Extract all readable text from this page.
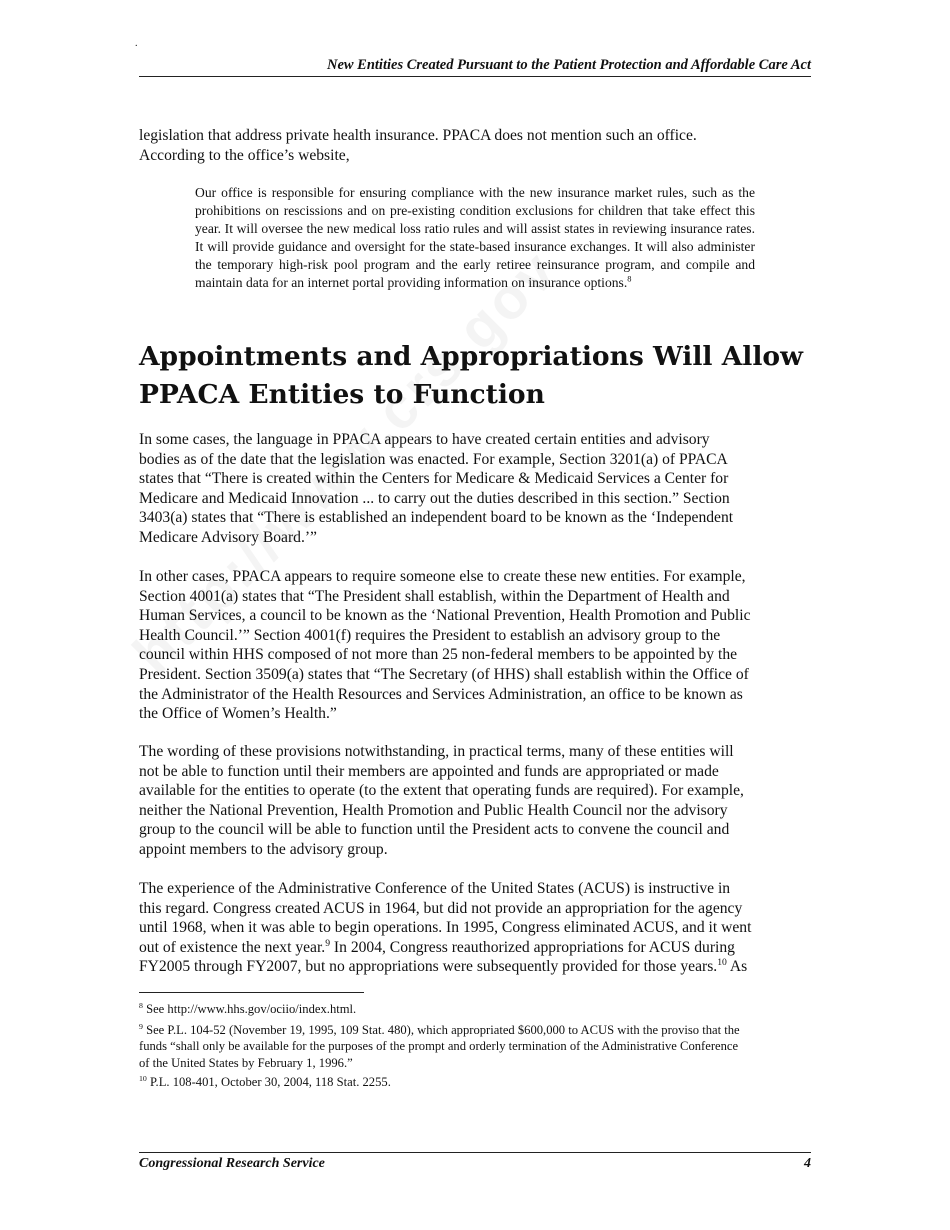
.
New Entities Created Pursuant to the Patient Protection and Affordable Care Act

legislation that address private health insurance. PPACA does not mention such an office.
According to the office’s website,

Our office is responsible for ensuring compliance with the new insurance market rules, such as the prohibitions on rescissions and on pre-existing condition exclusions for children that take effect this year. It will oversee the new medical loss ratio rules and will assist states in reviewing insurance rates. It will provide guidance and oversight for the state-based insurance exchanges. It will also administer the temporary high-risk pool program and the early retiree reinsurance program, and compile and maintain data for an internet portal providing information on insurance options.$^8$

Appointments and Appropriations Will Allow
PPACA Entities to Function

In some cases, the language in PPACA appears to have created certain entities and advisory
bodies as of the date that the legislation was enacted. For example, Section 3201(a) of PPACA
states that “There is created within the Centers for Medicare & Medicaid Services a Center for
Medicare and Medicaid Innovation ... to carry out the duties described in this section.” Section
3403(a) states that “There is established an independent board to be known as the ‘Independent
Medicare Advisory Board.’”

In other cases, PPACA appears to require someone else to create these new entities. For example,
Section 4001(a) states that “The President shall establish, within the Department of Health and
Human Services, a council to be known as the ‘National Prevention, Health Promotion and Public
Health Council.’” Section 4001(f) requires the President to establish an advisory group to the
council within HHS composed of not more than 25 non-federal members to be appointed by the
President. Section 3509(a) states that “The Secretary (of HHS) shall establish within the Office of
the Administrator of the Health Resources and Services Administration, an office to be known as
the Office of Women’s Health.”

The wording of these provisions notwithstanding, in practical terms, many of these entities will
not be able to function until their members are appointed and funds are appropriated or made
available for the entities to operate (to the extent that operating funds are required). For example,
neither the National Prevention, Health Promotion and Public Health Council nor the advisory
group to the council will be able to function until the President acts to convene the council and
appoint members to the advisory group.

The experience of the Administrative Conference of the United States (ACUS) is instructive in
this regard. Congress created ACUS in 1964, but did not provide an appropriation for the agency
until 1968, when it was able to begin operations. In 1995, Congress eliminated ACUS, and it went
out of existence the next year.$^9$ In 2004, Congress reauthorized appropriations for ACUS during
FY2005 through FY2007, but no appropriations were subsequently provided for those years.$^{10}$ As

$^8$ See http://www.hhs.gov/ociio/index.html.

$^9$ See P.L. 104-52 (November 19, 1995, 109 Stat. 480), which appropriated $600,000 to ACUS with the proviso that the
funds “shall only be available for the purposes of the prompt and orderly termination of the Administrative Conference
of the United States by February 1, 1996.”

$^{10}$ P.L. 108-401, October 30, 2004, 118 Stat. 2255.

Congressional Research Service	4
